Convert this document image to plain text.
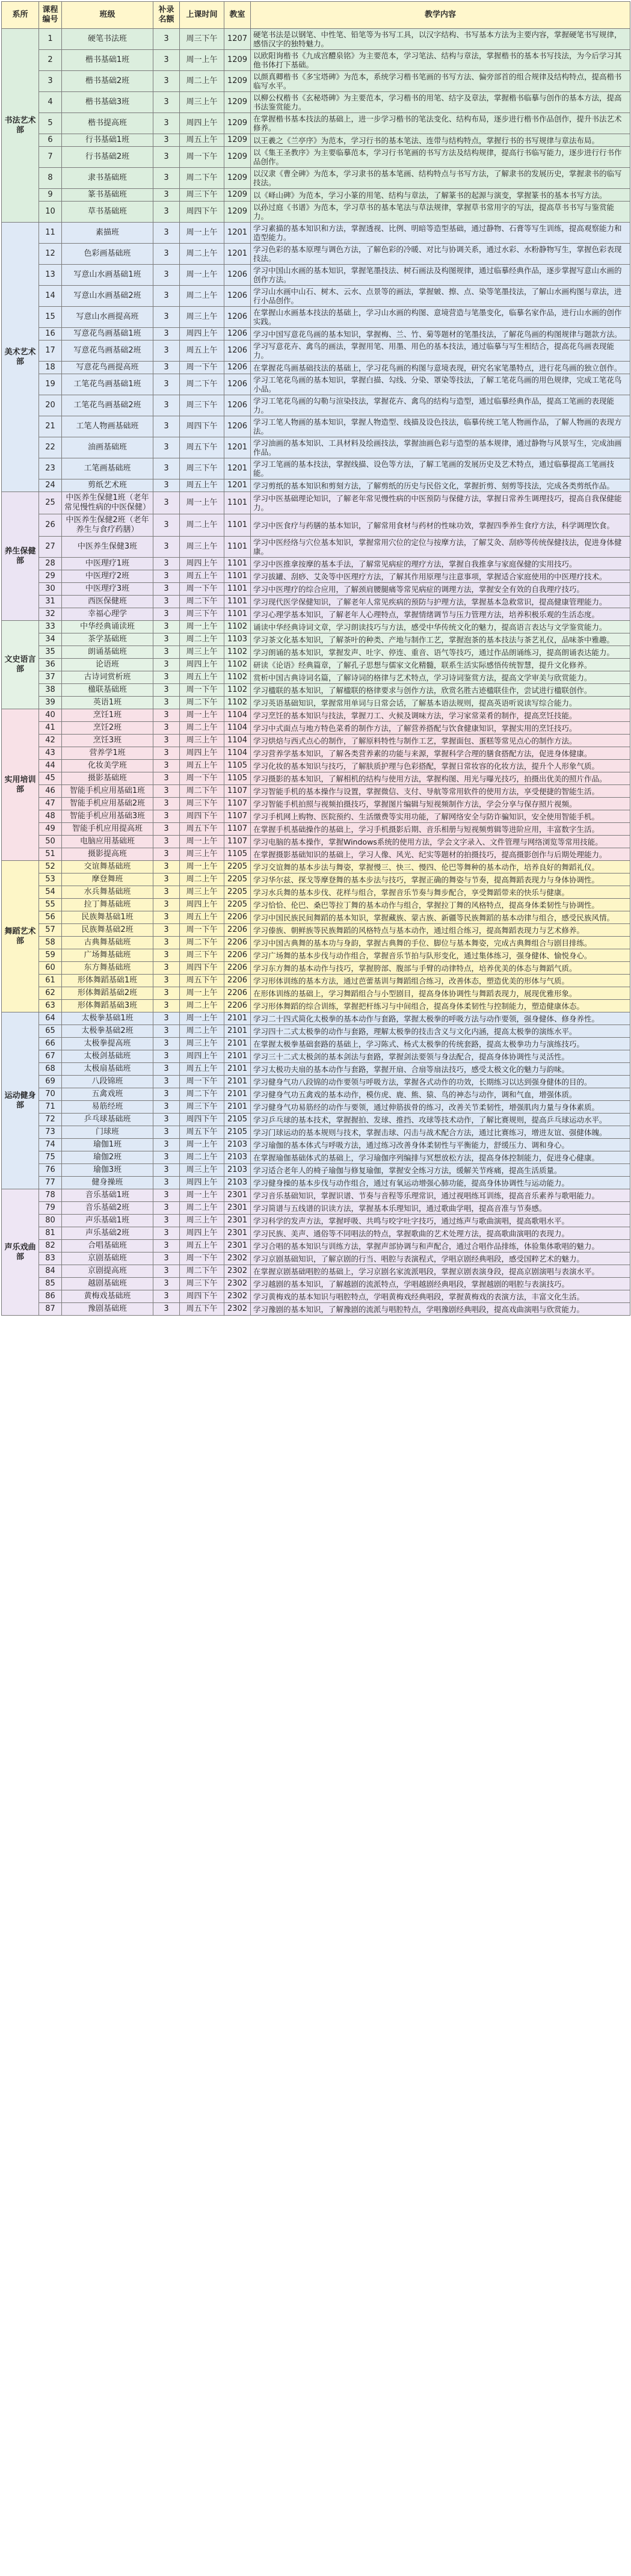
系所	课程编号	班级	补录名额	上课时间	教室	教学内容
书法艺术部	1	硬笔书法班	3	周三下午	1207	硬笔书法是以钢笔、中性笔、铅笔等为书写工具，以汉字结构、书写基本方法为主要内容，掌握硬笔书写规律，感悟汉字的独特魅力。
	2	楷书基础1班	3	周一上午	1209	以欧阳询楷书《九成宫醴泉铭》为主要范本，学习笔法、结构与章法，掌握楷书的基本书写技法，为今后学习其他书体打下基础。
	3	楷书基础2班	3	周二上午	1209	以颜真卿楷书《多宝塔碑》为范本，系统学习楷书笔画的书写方法、偏旁部首的组合规律及结构特点，提高楷书临写水平。
	4	楷书基础3班	3	周三上午	1209	以柳公权楷书《玄秘塔碑》为主要范本，学习楷书的用笔、结字及章法，掌握楷书临摹与创作的基本方法，提高书法鉴赏能力。
	5	楷书提高班	3	周四上午	1209	在掌握楷书基本技法的基础上，进一步学习楷书的笔法变化、结构布局，逐步进行楷书作品创作，提升书法艺术修养。
	6	行书基础1班	3	周五上午	1209	以王羲之《兰亭序》为范本，学习行书的基本笔法、连带与结构特点，掌握行书的书写规律与章法布局。
	7	行书基础2班	3	周一下午	1209	以《集王圣教序》为主要临摹范本，学习行书笔画的书写方法及结构规律，提高行书临写能力，逐步进行行书作品创作。
	8	隶书基础班	3	周二下午	1209	以汉隶《曹全碑》为范本，学习隶书的基本笔画、结构特点与书写方法，了解隶书的发展历史，掌握隶书的临写技法。
	9	篆书基础班	3	周三下午	1209	以《峄山碑》为范本，学习小篆的用笔、结构与章法，了解篆书的起源与演变，掌握篆书的基本书写方法。
	10	草书基础班	3	周四下午	1209	以孙过庭《书谱》为范本，学习草书的基本笔法与草法规律，掌握草书常用字的写法，提高草书书写与鉴赏能力。
美术艺术部	11	素描班	3	周一上午	1201	学习素描的基本知识和方法，掌握透视、比例、明暗等造型基础，通过静物、石膏等写生训练，提高观察能力和造型能力。
	12	色彩画基础班	3	周二上午	1201	学习色彩的基本原理与调色方法，了解色彩的冷暖、对比与协调关系，通过水彩、水粉静物写生，掌握色彩表现技法。
	13	写意山水画基础1班	3	周一上午	1206	学习中国山水画的基本知识，掌握笔墨技法、树石画法及构图规律，通过临摹经典作品，逐步掌握写意山水画的创作方法。
	14	写意山水画基础2班	3	周二上午	1206	学习山水画中山石、树木、云水、点景等的画法，掌握皴、擦、点、染等笔墨技法，了解山水画构图与章法，进行小品创作。
	15	写意山水画提高班	3	周三上午	1206	在掌握山水画基本技法的基础上，学习山水画的构图、意境营造与笔墨变化，临摹名家作品，进行山水画的创作实践。
	16	写意花鸟画基础1班	3	周四上午	1206	学习中国写意花鸟画的基本知识，掌握梅、兰、竹、菊等题材的笔墨技法，了解花鸟画的构图规律与题款方法。
	17	写意花鸟画基础2班	3	周五上午	1206	学习写意花卉、禽鸟的画法，掌握用笔、用墨、用色的基本技法，通过临摹与写生相结合，提高花鸟画表现能力。
	18	写意花鸟画提高班	3	周一下午	1206	在掌握花鸟画基础技法的基础上，学习花鸟画的构图与意境表现，研究名家笔墨特点，进行花鸟画的独立创作。
	19	工笔花鸟画基础1班	3	周二下午	1206	学习工笔花鸟画的基本知识，掌握白描、勾线、分染、罩染等技法，了解工笔花鸟画的用色规律，完成工笔花鸟小品。
	20	工笔花鸟画基础2班	3	周三下午	1206	学习工笔花鸟画的勾勒与渲染技法，掌握花卉、禽鸟的结构与造型，通过临摹经典作品，提高工笔画的表现能力。
	21	工笔人物画基础班	3	周四下午	1206	学习工笔人物画的基本知识，掌握人物造型、线描及设色技法，临摹传统工笔人物画作品，了解人物画的表现方法。
	22	油画基础班	3	周五下午	1201	学习油画的基本知识、工具材料及绘画技法，掌握油画色彩与造型的基本规律，通过静物与风景写生，完成油画作品。
	23	工笔画基础班	3	周三下午	1201	学习工笔画的基本技法，掌握线描、设色等方法，了解工笔画的发展历史及艺术特点，通过临摹提高工笔画技能。
	24	剪纸艺术班	3	周五上午	1201	学习剪纸的基本知识和剪刻方法，了解剪纸的历史与民俗文化，掌握折剪、刻剪等技法，完成各类剪纸作品。
养生保健部	25	中医养生保健1班（老年常见慢性病的中医保健）	3	周一上午	1101	学习中医基础理论知识，了解老年常见慢性病的中医预防与保健方法，掌握日常养生调理技巧，提高自我保健能力。
	26	中医养生保健2班（老年养生与食疗药膳）	3	周二上午	1101	学习中医食疗与药膳的基本知识，了解常用食材与药材的性味功效，掌握四季养生食疗方法，科学调理饮食。
	27	中医养生保健3班	3	周三上午	1101	学习中医经络与穴位基本知识，掌握常用穴位的定位与按摩方法，了解艾灸、刮痧等传统保健技法，促进身体健康。
	28	中医理疗1班	3	周四上午	1101	学习中医推拿按摩的基本手法，了解常见病症的理疗方法，掌握自我推拿与家庭保健的实用技巧。
	29	中医理疗2班	3	周五上午	1101	学习拔罐、刮痧、艾灸等中医理疗方法，了解其作用原理与注意事项，掌握适合家庭使用的中医理疗技术。
	30	中医理疗3班	3	周一下午	1101	学习中医理疗的综合应用，了解颈肩腰腿痛等常见病症的调理方法，掌握安全有效的自我理疗技巧。
	31	西医保健班	3	周二下午	1101	学习现代医学保健知识，了解老年人常见疾病的预防与护理方法，掌握基本急救常识，提高健康管理能力。
	32	幸福心理学	3	周三下午	1101	学习心理学基本知识，了解老年人心理特点，掌握情绪调节与压力管理方法，培养积极乐观的生活态度。
文史语言部	33	中华经典诵读班	3	周一上午	1102	诵读中华经典诗词文章，学习朗读技巧与方法，感受中华传统文化的魅力，提高语言表达与文学鉴赏能力。
	34	茶学基础班	3	周二上午	1103	学习茶文化基本知识，了解茶叶的种类、产地与制作工艺，掌握泡茶的基本技法与茶艺礼仪，品味茶中雅趣。
	35	朗诵基础班	3	周三上午	1102	学习朗诵的基本知识，掌握发声、吐字、停连、重音、语气等技巧，通过作品朗诵练习，提高朗诵表达能力。
	36	论语班	3	周四上午	1102	研读《论语》经典篇章，了解孔子思想与儒家文化精髓，联系生活实际感悟传统智慧，提升文化修养。
	37	古诗词赏析班	3	周五上午	1102	赏析中国古典诗词名篇，了解诗词的格律与艺术特点，学习诗词鉴赏方法，提高文学审美与欣赏能力。
	38	楹联基础班	3	周一下午	1102	学习楹联的基本知识，了解楹联的格律要求与创作方法，欣赏名胜古迹楹联佳作，尝试进行楹联创作。
	39	英语1班	3	周二下午	1102	学习英语基础知识，掌握常用单词与日常会话，了解基本语法规则，提高英语听说读写综合能力。
实用培训部	40	烹饪1班	3	周一上午	1104	学习烹饪的基本知识与技法，掌握刀工、火候及调味方法，学习家常菜肴的制作，提高烹饪技能。
	41	烹饪2班	3	周二上午	1104	学习中式面点与地方特色菜肴的制作方法，了解营养搭配与饮食健康知识，掌握实用的烹饪技巧。
	42	烹饪3班	3	周三上午	1104	学习烘焙与西式点心的制作，了解原料特性与制作工艺，掌握面包、蛋糕等常见点心的制作方法。
	43	营养学1班	3	周四上午	1104	学习营养学基本知识，了解各类营养素的功能与来源，掌握科学合理的膳食搭配方法，促进身体健康。
	44	化妆美学班	3	周五上午	1105	学习化妆的基本知识与技巧，了解肤质护理与色彩搭配，掌握日常妆容的化妆方法，提升个人形象气质。
	45	摄影基础班	3	周一下午	1105	学习摄影的基本知识，了解相机的结构与使用方法，掌握构图、用光与曝光技巧，拍摄出优美的照片作品。
	46	智能手机应用基础1班	3	周二下午	1107	学习智能手机的基本操作与设置，掌握微信、支付、导航等常用软件的使用方法，享受便捷的智能生活。
	47	智能手机应用基础2班	3	周三下午	1107	学习智能手机拍照与视频拍摄技巧，掌握图片编辑与短视频制作方法，学会分享与保存照片视频。
	48	智能手机应用基础3班	3	周四下午	1107	学习手机网上购物、医院预约、生活缴费等实用功能，了解网络安全与防诈骗知识，安全使用智能手机。
	49	智能手机应用提高班	3	周五下午	1107	在掌握手机基础操作的基础上，学习手机摄影后期、音乐相册与短视频剪辑等进阶应用，丰富数字生活。
	50	电脑应用基础班	3	周一上午	1107	学习电脑的基本操作，掌握Windows系统的使用方法，学会文字录入、文件管理与网络浏览等常用技能。
	51	摄影提高班	3	周三上午	1105	在掌握摄影基础知识的基础上，学习人像、风光、纪实等题材的拍摄技巧，提高摄影创作与后期处理能力。
舞蹈艺术部	52	交谊舞基础班	3	周一上午	2205	学习交谊舞的基本步法与舞姿，掌握慢三、快三、慢四、伦巴等舞种的基本动作，培养良好的舞蹈礼仪。
	53	摩登舞班	3	周二上午	2205	学习华尔兹、探戈等摩登舞的基本步法与技巧，掌握正确的舞姿与节奏，提高舞蹈表现力与身体协调性。
	54	水兵舞基础班	3	周三上午	2205	学习水兵舞的基本步伐、花样与组合，掌握音乐节奏与舞步配合，享受舞蹈带来的快乐与健康。
	55	拉丁舞基础班	3	周四上午	2205	学习恰恰、伦巴、桑巴等拉丁舞的基本动作与组合，掌握拉丁舞的风格特点，提高身体柔韧性与协调性。
	56	民族舞基础1班	3	周五上午	2206	学习中国民族民间舞蹈的基本知识，掌握藏族、蒙古族、新疆等民族舞蹈的基本动律与组合，感受民族风情。
	57	民族舞基础2班	3	周一下午	2206	学习傣族、朝鲜族等民族舞蹈的风格特点与基本动作，通过组合练习，提高舞蹈表现力与艺术修养。
	58	古典舞基础班	3	周二下午	2206	学习中国古典舞的基本功与身韵，掌握古典舞的手位、脚位与基本舞姿，完成古典舞组合与剧目排练。
	59	广场舞基础班	3	周三下午	2206	学习广场舞的基本步伐与动作组合，掌握音乐节拍与队形变化，通过集体练习，强身健体、愉悦身心。
	60	东方舞基础班	3	周四下午	2206	学习东方舞的基本动作与技巧，掌握胯部、腹部与手臂的动律特点，培养优美的体态与舞蹈气质。
	61	形体舞蹈基础1班	3	周五下午	2206	学习形体训练的基本方法，通过芭蕾基训与舞蹈组合练习，改善体态，塑造优美的形体与气质。
	62	形体舞蹈基础2班	3	周一上午	2206	在形体训练的基础上，学习舞蹈组合与小型剧目，提高身体协调性与舞蹈表现力，展现优雅形象。
	63	形体舞蹈基础3班	3	周二上午	2206	学习形体舞蹈的综合训练，掌握把杆练习与中间组合，提高身体柔韧性与控制能力，塑造健康体态。
运动健身部	64	太极拳基础1班	3	周一上午	2101	学习二十四式简化太极拳的基本动作与套路，掌握太极拳的呼吸方法与动作要领，强身健体、修身养性。
	65	太极拳基础2班	3	周二上午	2101	学习四十二式太极拳的动作与套路，理解太极拳的技击含义与文化内涵，提高太极拳的演练水平。
	66	太极拳提高班	3	周三上午	2101	在掌握太极拳基础套路的基础上，学习陈式、杨式太极拳的传统套路，提高太极拳功力与演练技巧。
	67	太极剑基础班	3	周四上午	2101	学习三十二式太极剑的基本剑法与套路，掌握剑法要领与身法配合，提高身体协调性与灵活性。
	68	太极扇基础班	3	周五上午	2101	学习太极功夫扇的基本动作与套路，掌握开扇、合扇等扇法技巧，感受太极文化的魅力与韵味。
	69	八段锦班	3	周一下午	2101	学习健身气功八段锦的动作要领与呼吸方法，掌握各式动作的功效，长期练习以达到强身健体的目的。
	70	五禽戏班	3	周二下午	2101	学习健身气功五禽戏的基本动作，模仿虎、鹿、熊、猿、鸟的神态与动作，调和气血，增强体质。
	71	易筋经班	3	周三下午	2101	学习健身气功易筋经的动作与要领，通过伸筋拔骨的练习，改善关节柔韧性，增强肌肉力量与身体素质。
	72	乒乓球基础班	3	周四下午	2105	学习乒乓球的基本技术，掌握握拍、发球、推挡、攻球等技术动作，了解比赛规则，提高乒乓球运动水平。
	73	门球班	3	周五下午	2105	学习门球运动的基本规则与技术，掌握击球、闪击与战术配合方法，通过比赛练习，增进友谊、强健体魄。
	74	瑜伽1班	3	周一上午	2103	学习瑜伽的基本体式与呼吸方法，通过练习改善身体柔韧性与平衡能力，舒缓压力、调和身心。
	75	瑜伽2班	3	周二上午	2103	在掌握瑜伽基础体式的基础上，学习瑜伽序列编排与冥想放松方法，提高身体控制能力，促进身心健康。
	76	瑜伽3班	3	周三上午	2103	学习适合老年人的椅子瑜伽与修复瑜伽，掌握安全练习方法，缓解关节疼痛，提高生活质量。
	77	健身操班	3	周四上午	2103	学习健身操的基本步伐与动作组合，通过有氧运动增强心肺功能，提高身体协调性与运动能力。
声乐戏曲部	78	音乐基础1班	3	周一上午	2301	学习音乐基础知识，掌握识谱、节奏与音程等乐理常识，通过视唱练耳训练，提高音乐素养与歌唱能力。
	79	音乐基础2班	3	周二上午	2301	学习简谱与五线谱的识读方法，掌握基本乐理知识，通过歌曲学唱，提高音准与节奏感。
	80	声乐基础1班	3	周三上午	2301	学习科学的发声方法，掌握呼吸、共鸣与咬字吐字技巧，通过练声与歌曲演唱，提高歌唱水平。
	81	声乐基础2班	3	周四上午	2301	学习民族、美声、通俗等不同唱法的特点，掌握歌曲的艺术处理方法，提高歌曲演唱的表现力。
	82	合唱基础班	3	周五上午	2301	学习合唱的基本知识与训练方法，掌握声部协调与和声配合，通过合唱作品排练，体验集体歌唱的魅力。
	83	京剧基础班	3	周一下午	2302	学习京剧基础知识，了解京剧的行当、唱腔与表演程式，学唱京剧经典唱段，感受国粹艺术的魅力。
	84	京剧提高班	3	周二下午	2302	在掌握京剧基础唱腔的基础上，学习京剧名家流派唱段，掌握京剧表演身段，提高京剧演唱与表演水平。
	85	越剧基础班	3	周三下午	2302	学习越剧的基本知识，了解越剧的流派特点，学唱越剧经典唱段，掌握越剧的唱腔与表演技巧。
	86	黄梅戏基础班	3	周四下午	2302	学习黄梅戏的基本知识与唱腔特点，学唱黄梅戏经典唱段，掌握黄梅戏的表演方法，丰富文化生活。
	87	豫剧基础班	3	周五下午	2302	学习豫剧的基本知识，了解豫剧的流派与唱腔特点，学唱豫剧经典唱段，提高戏曲演唱与欣赏能力。
